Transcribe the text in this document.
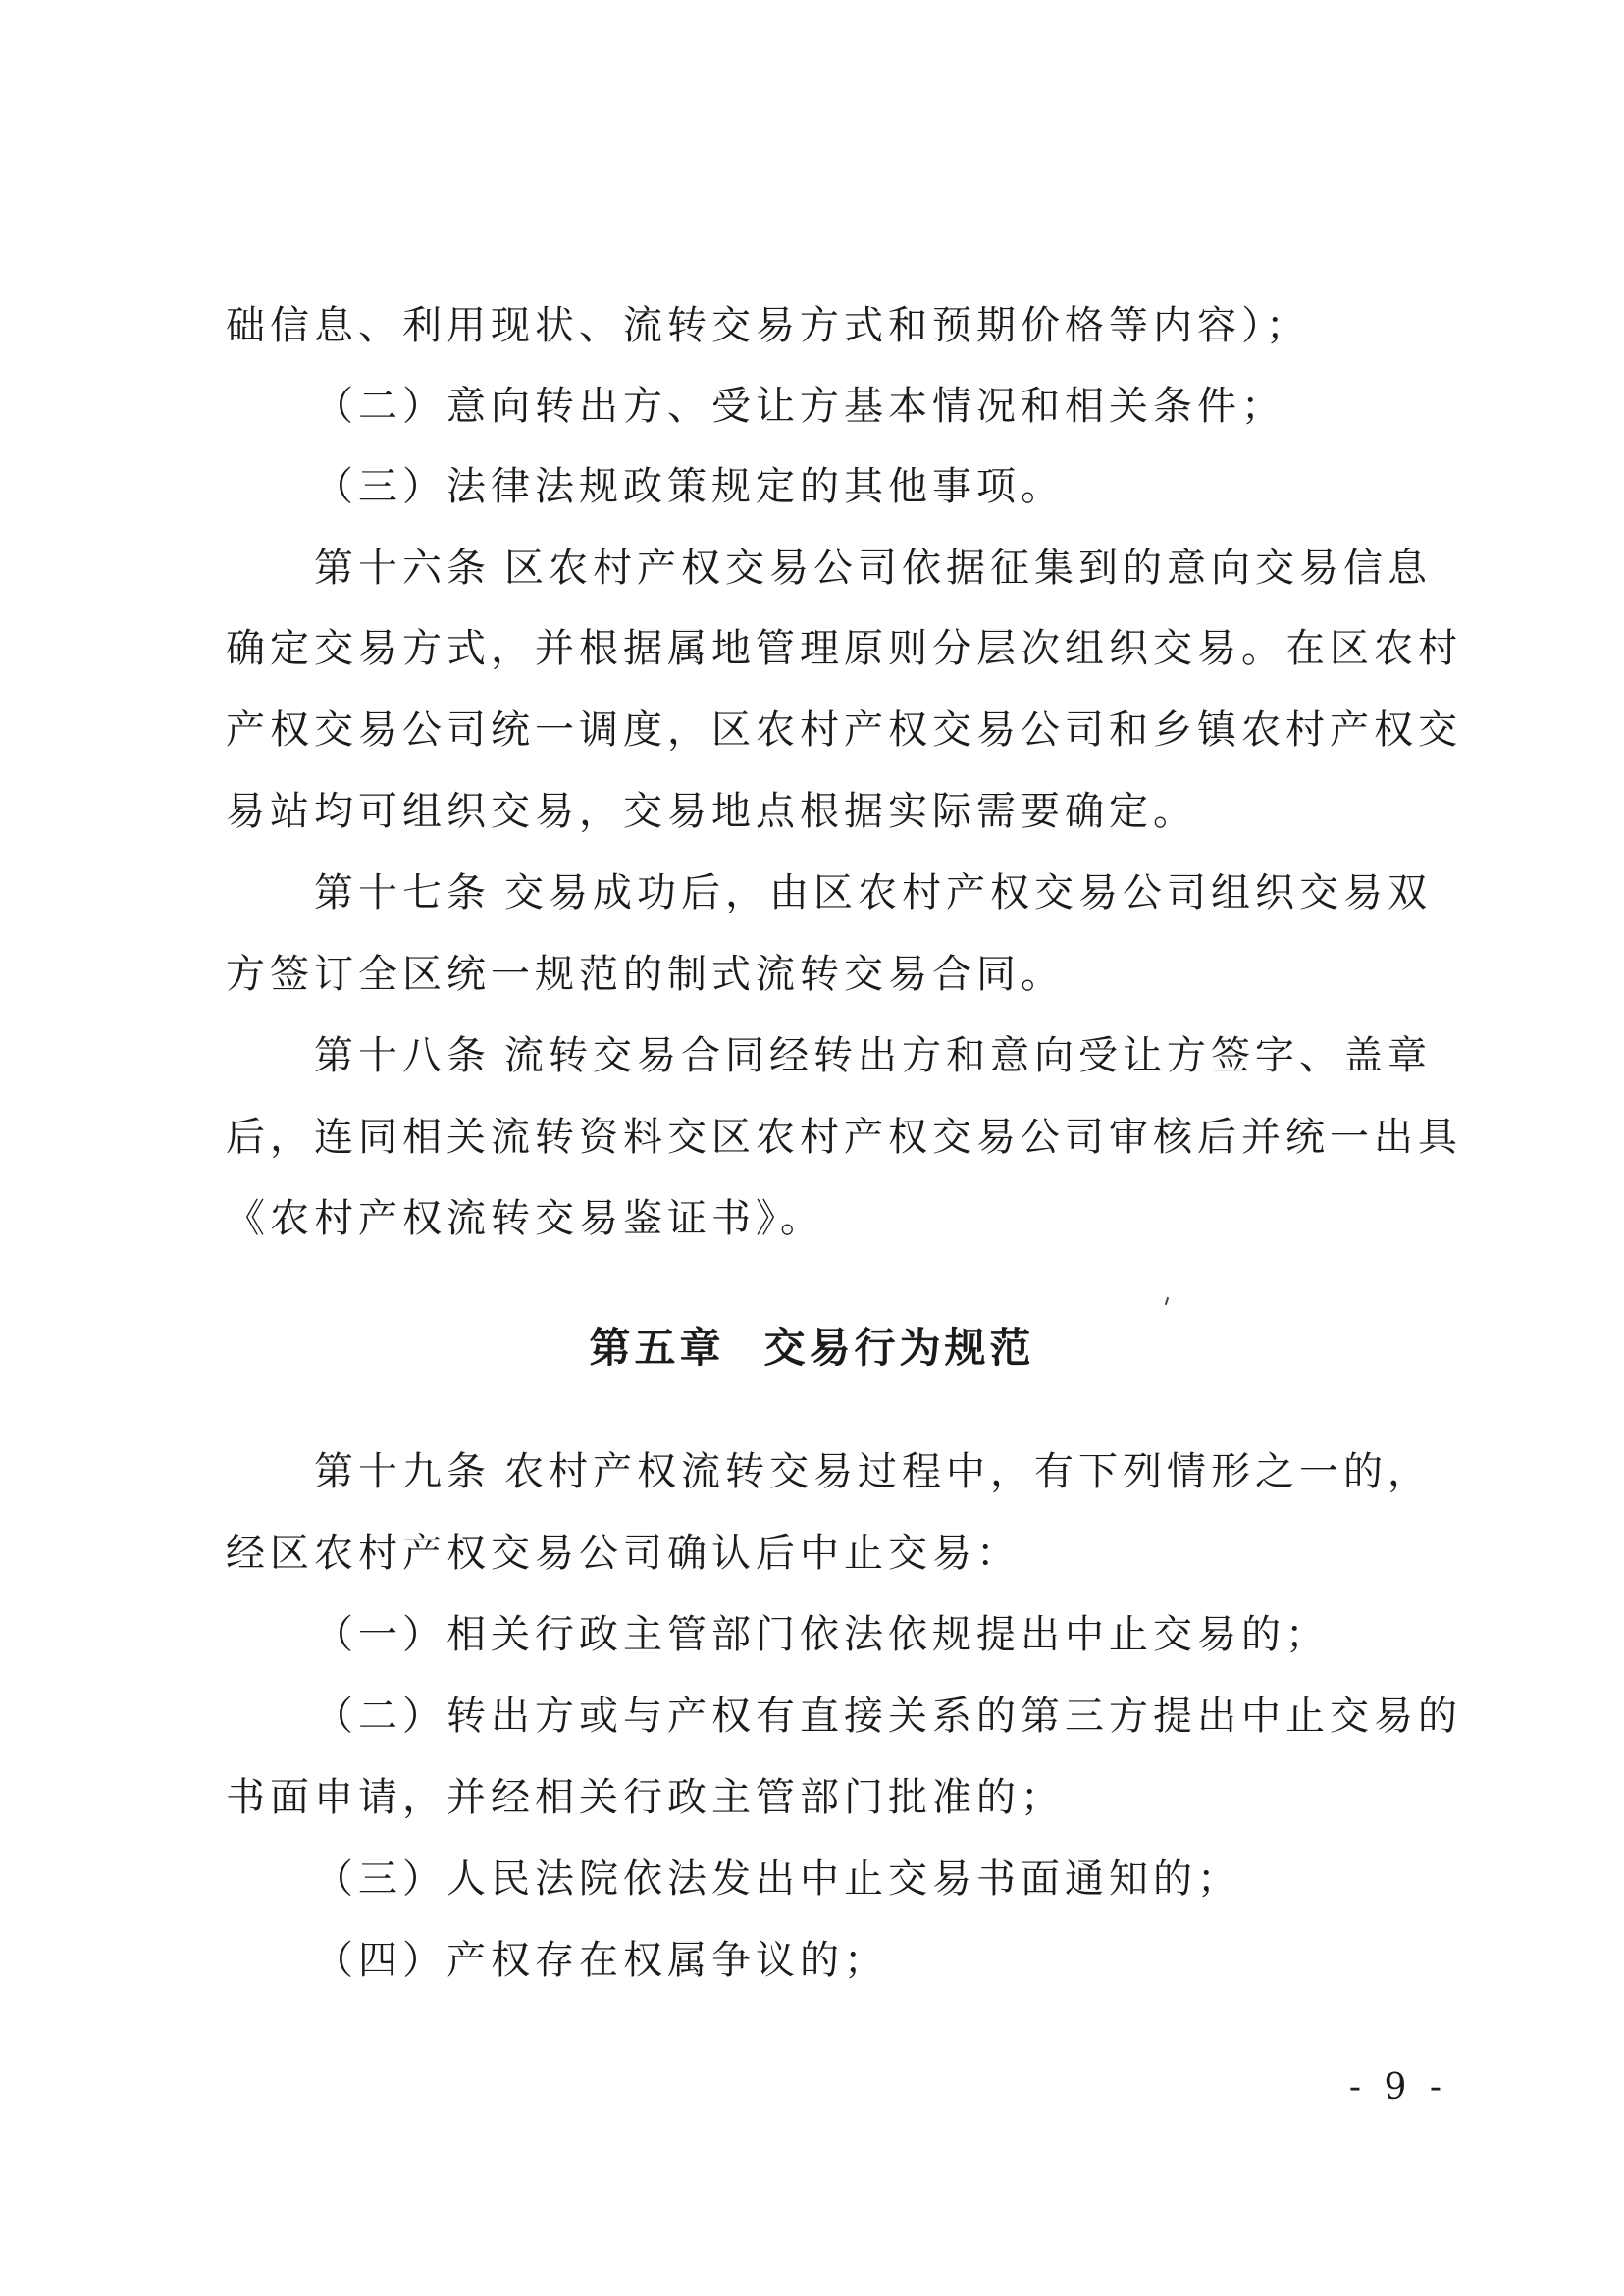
础信息、利用现状、流转交易方式和预期价格等内容）；
（二）意向转出方、受让方基本情况和相关条件；
（三）法律法规政策规定的其他事项。
第十六条 区农村产权交易公司依据征集到的意向交易信息
确定交易方式，并根据属地管理原则分层次组织交易。在区农村
产权交易公司统一调度，区农村产权交易公司和乡镇农村产权交
易站均可组织交易，交易地点根据实际需要确定。
第十七条 交易成功后，由区农村产权交易公司组织交易双
方签订全区统一规范的制式流转交易合同。
第十八条 流转交易合同经转出方和意向受让方签字、盖章
后，连同相关流转资料交区农村产权交易公司审核后并统一出具
《农村产权流转交易鉴证书》。
第五章 交易行为规范
第十九条 农村产权流转交易过程中，有下列情形之一的，
经区农村产权交易公司确认后中止交易：
（一）相关行政主管部门依法依规提出中止交易的；
（二）转出方或与产权有直接关系的第三方提出中止交易的
书面申请，并经相关行政主管部门批准的；
（三）人民法院依法发出中止交易书面通知的；
（四）产权存在权属争议的；
- 9 -
